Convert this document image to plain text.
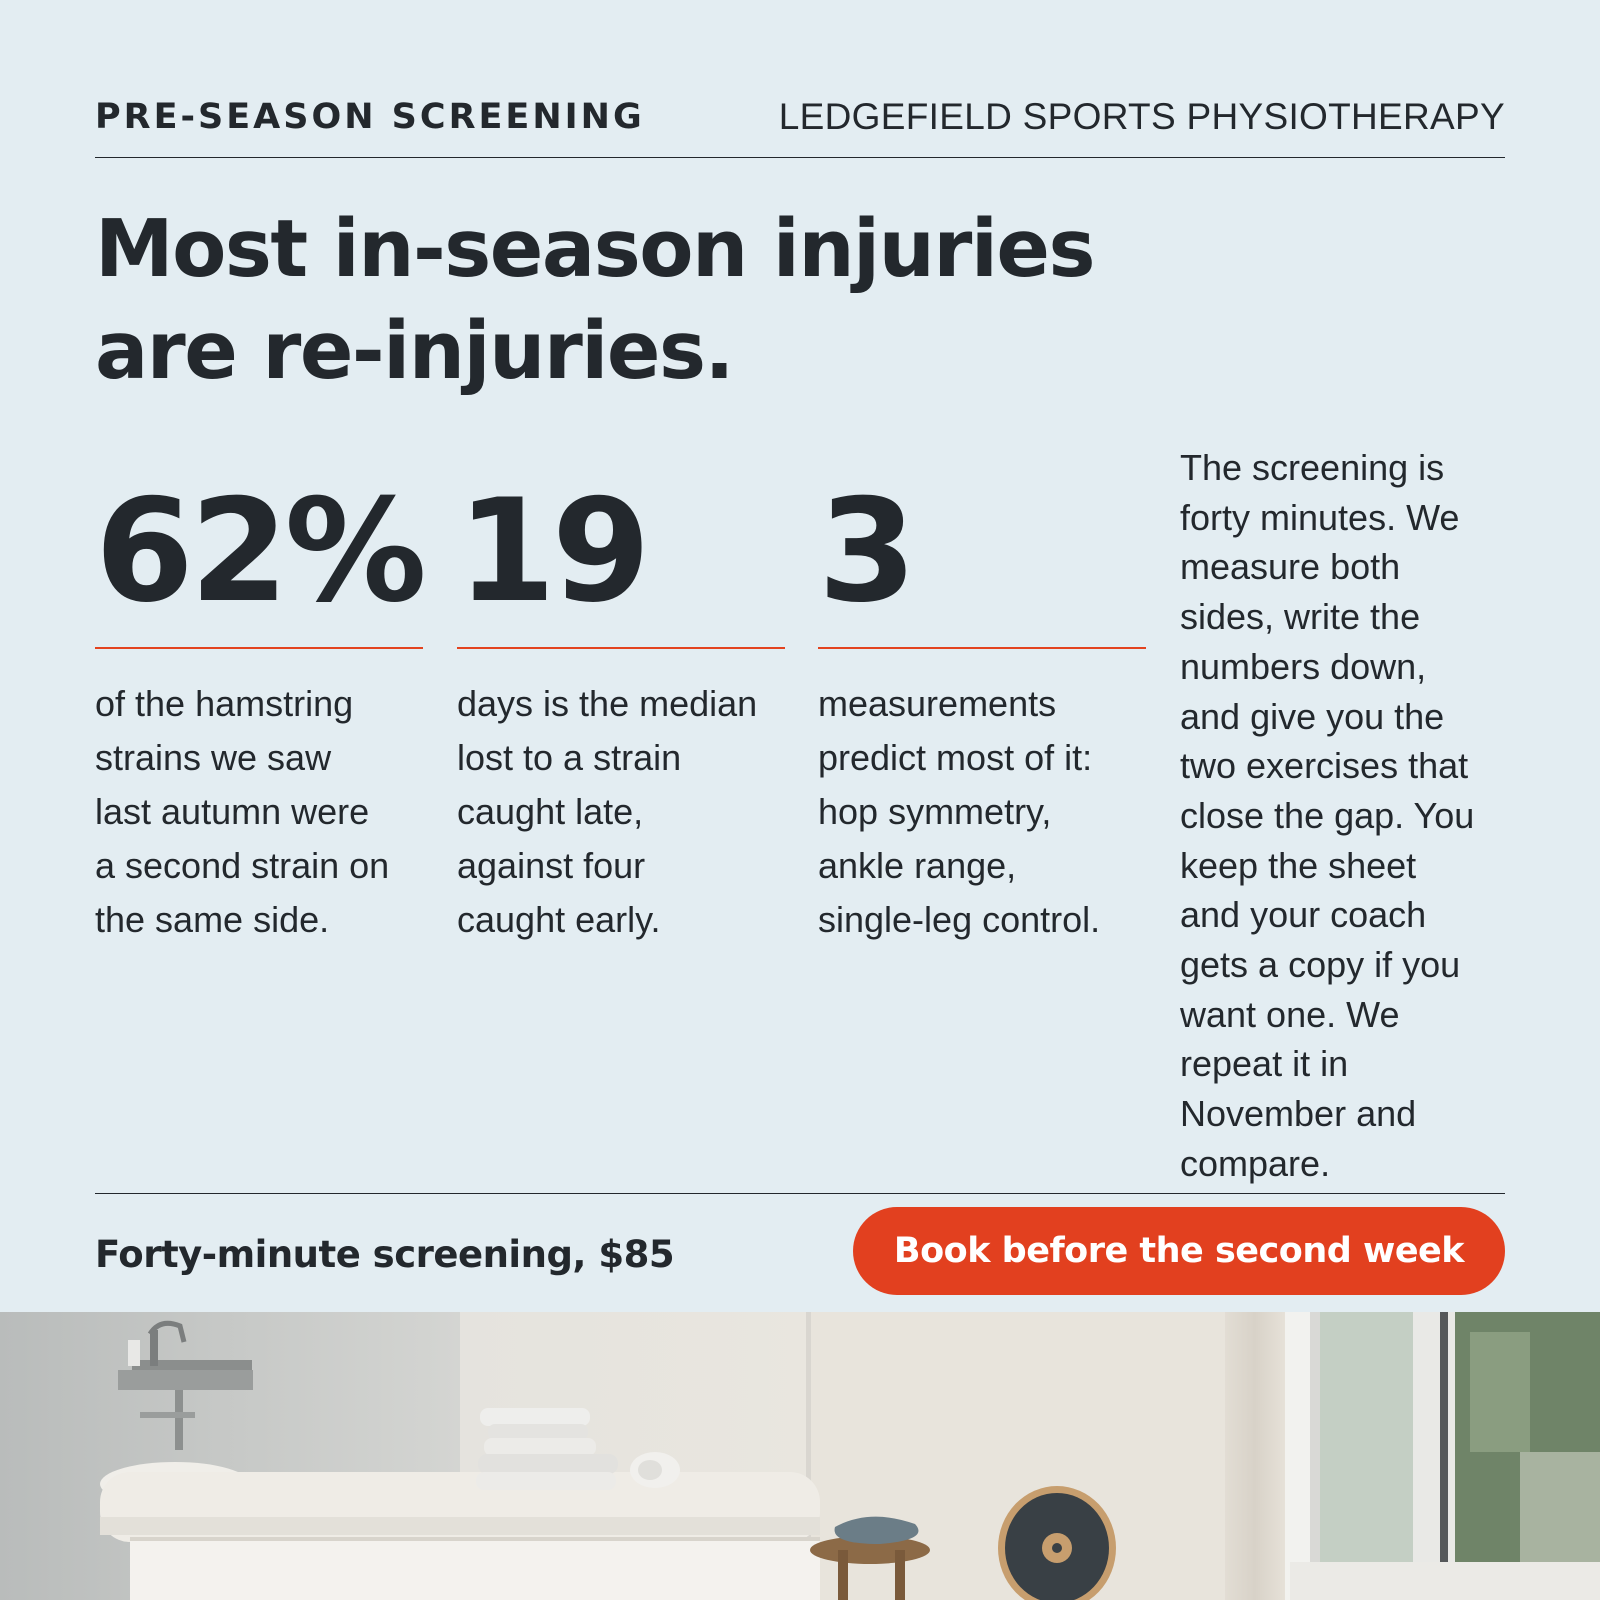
PRE-SEASON SCREENING	LEDGEFIELD SPORTS PHYSIOTHERAPY
Most in-season injuries
are re-injuries.
62%
of the hamstring
strains we saw
last autumn were
a second strain on
the same side.
19
days is the median
lost to a strain
caught late,
against four
caught early.
3
measurements
predict most of it:
hop symmetry,
ankle range,
single-leg control.

The screening is
forty minutes. We
measure both
sides, write the
numbers down,
and give you the
two exercises that
close the gap. You
keep the sheet
and your coach
gets a copy if you
want one. We
repeat it in
November and
compare.

Forty-minute screening, $85	Book before the second week
